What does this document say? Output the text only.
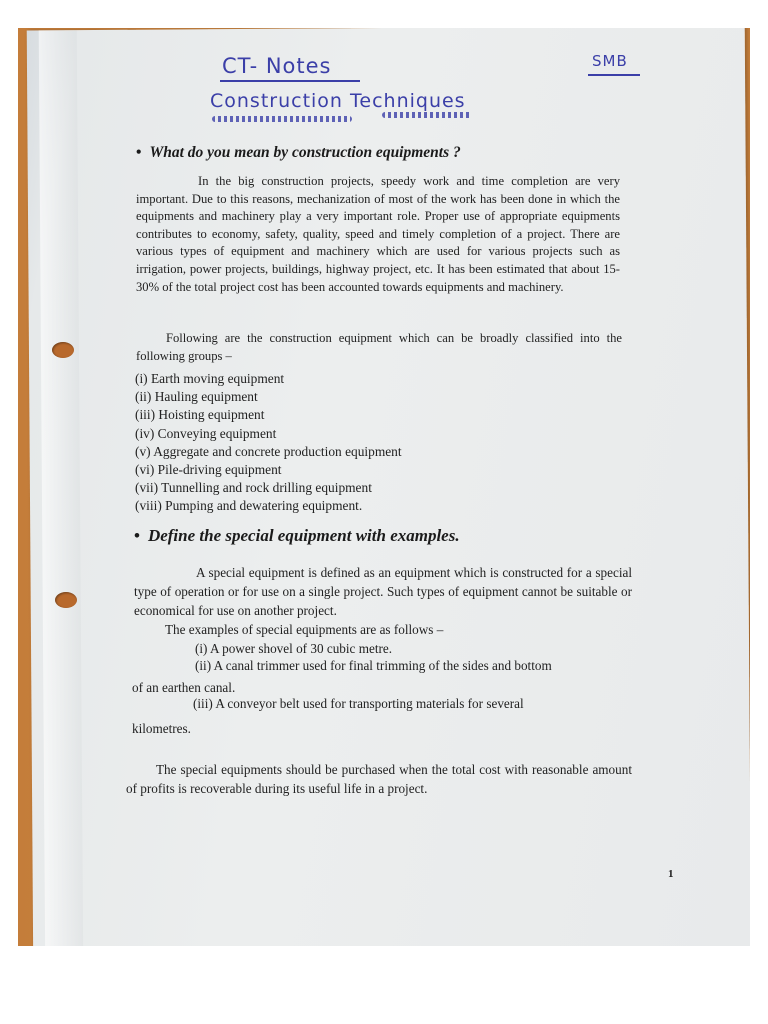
CT- Notes
Construction Techniques
SMB
• What do you mean by construction equipments ?
In the big construction projects, speedy work and time completion are very important. Due to this reasons, mechanization of most of the work has been done in which the equipments and machinery play a very important role. Proper use of appropriate equipments contributes to economy, safety, quality, speed and timely completion of a project. There are various types of equipment and machinery which are used for various projects such as irrigation, power projects, buildings, highway project, etc. It has been estimated that about 15-30% of the total project cost has been accounted towards equipments and machinery.
Following are the construction equipment which can be broadly classified into the following groups –
(i) Earth moving equipment
(ii) Hauling equipment
(iii) Hoisting equipment
(iv) Conveying equipment
(v) Aggregate and concrete production equipment
(vi) Pile-driving equipment
(vii) Tunnelling and rock drilling equipment
(viii) Pumping and dewatering equipment.
• Define the special equipment with examples.
A special equipment is defined as an equipment which is constructed for a special type of operation or for use on a single project. Such types of equipment cannot be suitable or economical for use on another project.
The examples of special equipments are as follows –
(i) A power shovel of 30 cubic metre.
(ii) A canal trimmer used for final trimming of the sides and bottom
of an earthen canal.
(iii) A conveyor belt used for transporting materials for several
kilometres.
The special equipments should be purchased when the total cost with reasonable amount of profits is recoverable during its useful life in a project.
1
